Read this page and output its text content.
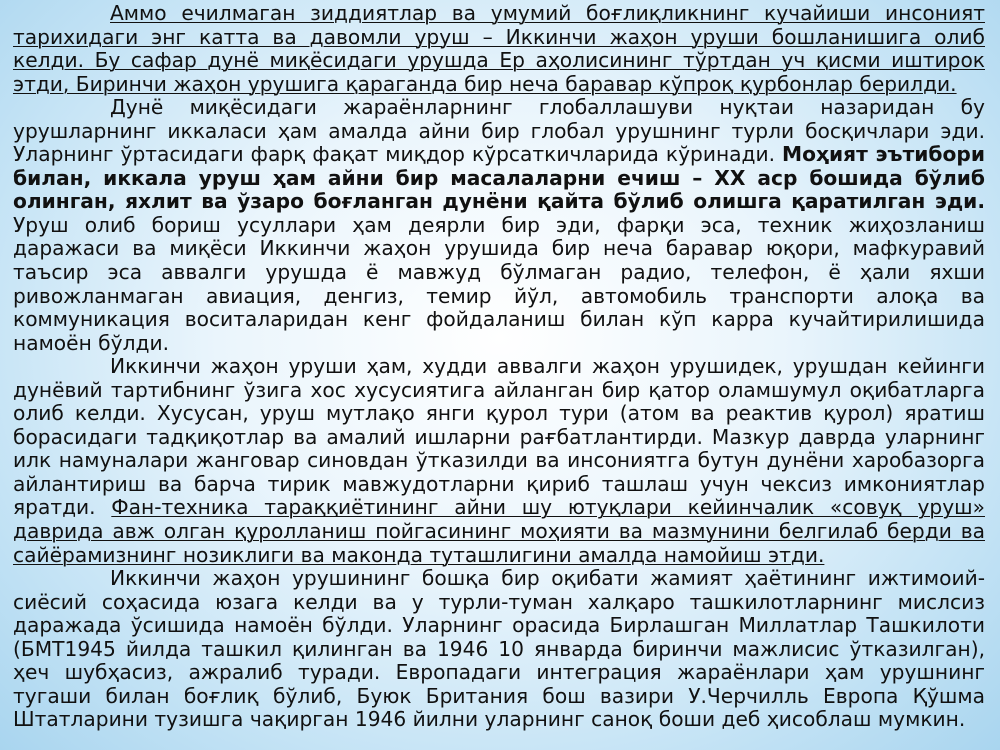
Аммо ечилмаган зиддиятлар ва умумий боғлиқликнинг кучайиши инсоният тарихидаги энг катта ва давомли уруш – Иккинчи жаҳон уруши бошланишига олиб келди. Бу сафар дунё миқёсидаги урушда Ер аҳолисининг тўртдан уч қисми иштирок этди, Биринчи жаҳон урушига қараганда бир неча баравар кўпроқ қурбонлар берилди.

Дунё миқёсидаги жараёнларнинг глобаллашуви нуқтаи назаридан бу урушларнинг иккаласи ҳам амалда айни бир глобал урушнинг турли босқичлари эди. Уларнинг ўртасидаги фарқ фақат миқдор кўрсаткичларида кўринади. Моҳият эътибори билан, иккала уруш ҳам айни бир масалаларни ечиш – ХХ аср бошида бўлиб олинган, яхлит ва ўзаро боғланган дунёни қайта бўлиб олишга қаратилган эди. Уруш олиб бориш усуллари ҳам деярли бир эди, фарқи эса, техник жиҳозланиш даражаси ва миқёси Иккинчи жаҳон урушида бир неча баравар юқори, мафкуравий таъсир эса аввалги урушда ё мавжуд бўлмаган радио, телефон, ё ҳали яхши ривожланмаган авиация, денгиз, темир йўл, автомобиль транспорти алоқа ва коммуникация воситаларидан кенг фойдаланиш билан кўп карра кучайтирилишида намоён бўлди.

Иккинчи жаҳон уруши ҳам, худди аввалги жаҳон урушидек, урушдан кейинги дунёвий тартибнинг ўзига хос хусусиятига айланган бир қатор оламшумул оқибатларга олиб келди. Хусусан, уруш мутлақо янги қурол тури (атом ва реактив қурол) яратиш борасидаги тадқиқотлар ва амалий ишларни рағбатлантирди. Мазкур даврда уларнинг илк намуналари жанговар синовдан ўтказилди ва инсониятга бутун дунёни харобазорга айлантириш ва барча тирик мавжудотларни қириб ташлаш учун чексиз имкониятлар яратди. Фан-техника тараққиётининг айни шу ютуқлари кейинчалик «совуқ уруш» даврида авж олган қуролланиш пойгасининг моҳияти ва мазмунини белгилаб берди ва сайёрамизнинг нозиклиги ва маконда туташлигини амалда намойиш этди.

Иккинчи жаҳон урушининг бошқа бир оқибати жамият ҳаётининг ижтимоий-сиёсий соҳасида юзага келди ва у турли-туман халқаро ташкилотларнинг мислсиз даражада ўсишида намоён бўлди. Уларнинг орасида Бирлашган Миллатлар Ташкилоти (БМТ1945 йилда ташкил қилинган ва 1946 10 январда биринчи мажлисис ўтказилган), ҳеч шубҳасиз, ажралиб туради. Европадаги интеграция жараёнлари ҳам урушнинг тугаши билан боғлиқ бўлиб, Буюк Британия бош вазири У.Черчилль Европа Қўшма Штатларини тузишга чақирган 1946 йилни уларнинг саноқ боши деб ҳисоблаш мумкин.
